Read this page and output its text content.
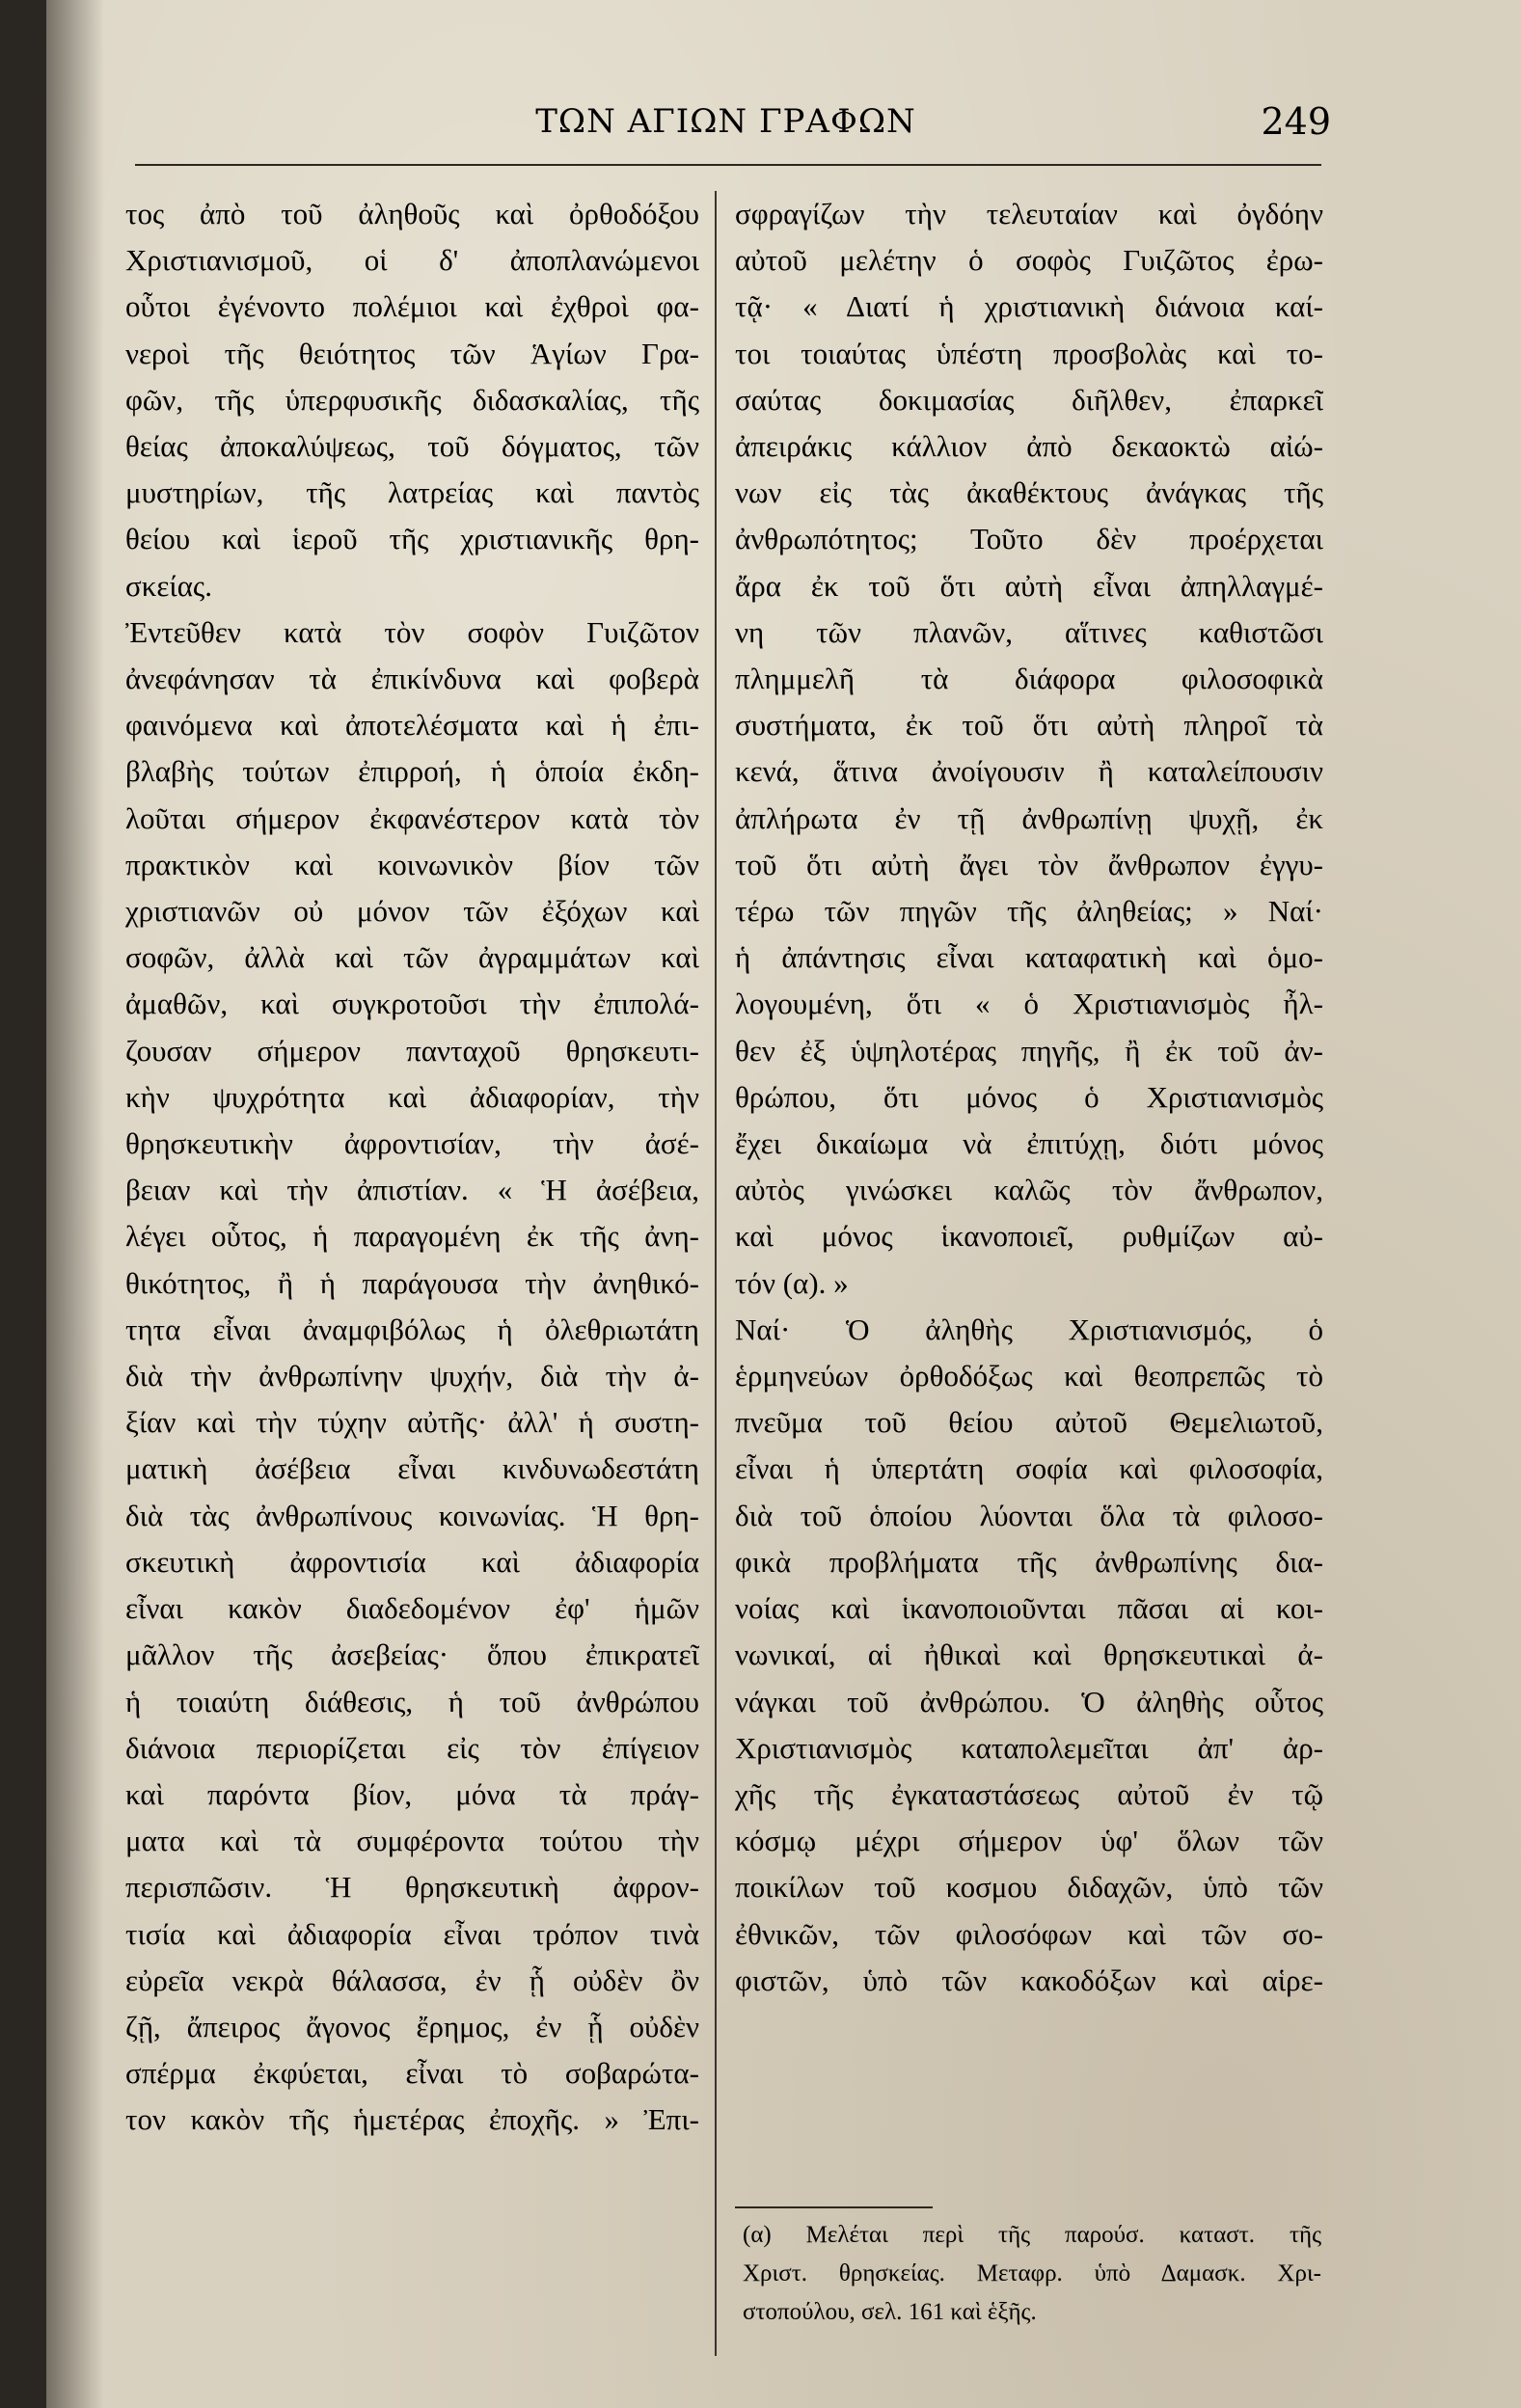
ΤΩΝ ΑΓΙΩΝ ΓΡΑΦΩΝ	249
τος ἀπὸ τοῦ ἀληθοῦς καὶ ὀρθοδόξου
Χριστιανισμοῦ, οἱ δ' ἀποπλανώμενοι
οὗτοι ἐγένοντο πολέμιοι καὶ ἐχθροὶ φα-
νεροὶ τῆς θειότητος τῶν Ἁγίων Γρα-
φῶν, τῆς ὑπερφυσικῆς διδασκαλίας, τῆς
θείας ἀποκαλύψεως, τοῦ δόγματος, τῶν
μυστηρίων, τῆς λατρείας καὶ παντὸς
θείου καὶ ἱεροῦ τῆς χριστιανικῆς θρη-
σκείας.
Ἐντεῦθεν κατὰ τὸν σοφὸν Γυιζῶτον
ἀνεφάνησαν τὰ ἐπικίνδυνα καὶ φοβερὰ
φαινόμενα καὶ ἀποτελέσματα καὶ ἡ ἐπι-
βλαβὴς τούτων ἐπιρροή, ἡ ὁποία ἐκδη-
λοῦται σήμερον ἐκφανέστερον κατὰ τὸν
πρακτικὸν καὶ κοινωνικὸν βίον τῶν
χριστιανῶν οὐ μόνον τῶν ἐξόχων καὶ
σοφῶν, ἀλλὰ καὶ τῶν ἀγραμμάτων καὶ
ἀμαθῶν, καὶ συγκροτοῦσι τὴν ἐπιπολά-
ζουσαν σήμερον πανταχοῦ θρησκευτι-
κὴν ψυχρότητα καὶ ἀδιαφορίαν, τὴν
θρησκευτικὴν ἀφροντισίαν, τὴν ἀσέ-
βειαν καὶ τὴν ἀπιστίαν. « Ἡ ἀσέβεια,
λέγει οὗτος, ἡ παραγομένη ἐκ τῆς ἀνη-
θικότητος, ἢ ἡ παράγουσα τὴν ἀνηθικό-
τητα εἶναι ἀναμφιβόλως ἡ ὀλεθριωτάτη
διὰ τὴν ἀνθρωπίνην ψυχήν, διὰ τὴν ἀ-
ξίαν καὶ τὴν τύχην αὐτῆς· ἀλλ' ἡ συστη-
ματικὴ ἀσέβεια εἶναι κινδυνωδεστάτη
διὰ τὰς ἀνθρωπίνους κοινωνίας. Ἡ θρη-
σκευτικὴ ἀφροντισία καὶ ἀδιαφορία
εἶναι κακὸν διαδεδομένον ἐφ' ἡμῶν
μᾶλλον τῆς ἀσεβείας· ὅπου ἐπικρατεῖ
ἡ τοιαύτη διάθεσις, ἡ τοῦ ἀνθρώπου
διάνοια περιορίζεται εἰς τὸν ἐπίγειον
καὶ παρόντα βίον, μόνα τὰ πράγ-
ματα καὶ τὰ συμφέροντα τούτου τὴν
περισπῶσιν. Ἡ θρησκευτικὴ ἀφρον-
τισία καὶ ἀδιαφορία εἶναι τρόπον τινὰ
εὐρεῖα νεκρὰ θάλασσα, ἐν ᾗ οὐδὲν ὂν
ζῇ, ἄπειρος ἄγονος ἔρημος, ἐν ᾗ οὐδὲν
σπέρμα ἐκφύεται, εἶναι τὸ σοβαρώτα-
τον κακὸν τῆς ἡμετέρας ἐποχῆς. » Ἐπι-
σφραγίζων τὴν τελευταίαν καὶ ὀγδόην
αὐτοῦ μελέτην ὁ σοφὸς Γυιζῶτος ἐρω-
τᾷ· « Διατί ἡ χριστιανικὴ διάνοια καί-
τοι τοιαύτας ὑπέστη προσβολὰς καὶ το-
σαύτας δοκιμασίας διῆλθεν, ἐπαρκεῖ
ἀπειράκις κάλλιον ἀπὸ δεκαοκτὼ αἰώ-
νων εἰς τὰς ἀκαθέκτους ἀνάγκας τῆς
ἀνθρωπότητος; Τοῦτο δὲν προέρχεται
ἄρα ἐκ τοῦ ὅτι αὐτὴ εἶναι ἀπηλλαγμέ-
νη τῶν πλανῶν, αἵτινες καθιστῶσι
πλημμελῆ τὰ διάφορα φιλοσοφικὰ
συστήματα, ἐκ τοῦ ὅτι αὐτὴ πληροῖ τὰ
κενά, ἅτινα ἀνοίγουσιν ἢ καταλείπουσιν
ἀπλήρωτα ἐν τῇ ἀνθρωπίνῃ ψυχῇ, ἐκ
τοῦ ὅτι αὐτὴ ἄγει τὸν ἄνθρωπον ἐγγυ-
τέρω τῶν πηγῶν τῆς ἀληθείας; » Ναί·
ἡ ἀπάντησις εἶναι καταφατικὴ καὶ ὁμο-
λογουμένη, ὅτι « ὁ Χριστιανισμὸς ἦλ-
θεν ἐξ ὑψηλοτέρας πηγῆς, ἢ ἐκ τοῦ ἀν-
θρώπου, ὅτι μόνος ὁ Χριστιανισμὸς
ἔχει δικαίωμα νὰ ἐπιτύχῃ, διότι μόνος
αὐτὸς γινώσκει καλῶς τὸν ἄνθρωπον,
καὶ μόνος ἱκανοποιεῖ, ρυθμίζων αὐ-
τόν (α). »
Ναί· Ὁ ἀληθὴς Χριστιανισμός, ὁ
ἑρμηνεύων ὀρθοδόξως καὶ θεοπρεπῶς τὸ
πνεῦμα τοῦ θείου αὐτοῦ Θεμελιωτοῦ,
εἶναι ἡ ὑπερτάτη σοφία καὶ φιλοσοφία,
διὰ τοῦ ὁποίου λύονται ὅλα τὰ φιλοσο-
φικὰ προβλήματα τῆς ἀνθρωπίνης δια-
νοίας καὶ ἱκανοποιοῦνται πᾶσαι αἱ κοι-
νωνικαί, αἱ ἠθικαὶ καὶ θρησκευτικαὶ ἀ-
νάγκαι τοῦ ἀνθρώπου. Ὁ ἀληθὴς οὗτος
Χριστιανισμὸς καταπολεμεῖται ἀπ' ἀρ-
χῆς τῆς ἐγκαταστάσεως αὐτοῦ ἐν τῷ
κόσμῳ μέχρι σήμερον ὑφ' ὅλων τῶν
ποικίλων τοῦ κοσμου διδαχῶν, ὑπὸ τῶν
ἐθνικῶν, τῶν φιλοσόφων καὶ τῶν σο-
φιστῶν, ὑπὸ τῶν κακοδόξων καὶ αἱρε-
(α) Μελέται περὶ τῆς παρούσ. καταστ. τῆς
Χριστ. θρησκείας. Μεταφρ. ὑπὸ Δαμασκ. Χρι-
στοπούλου, σελ. 161 καὶ ἑξῆς.
